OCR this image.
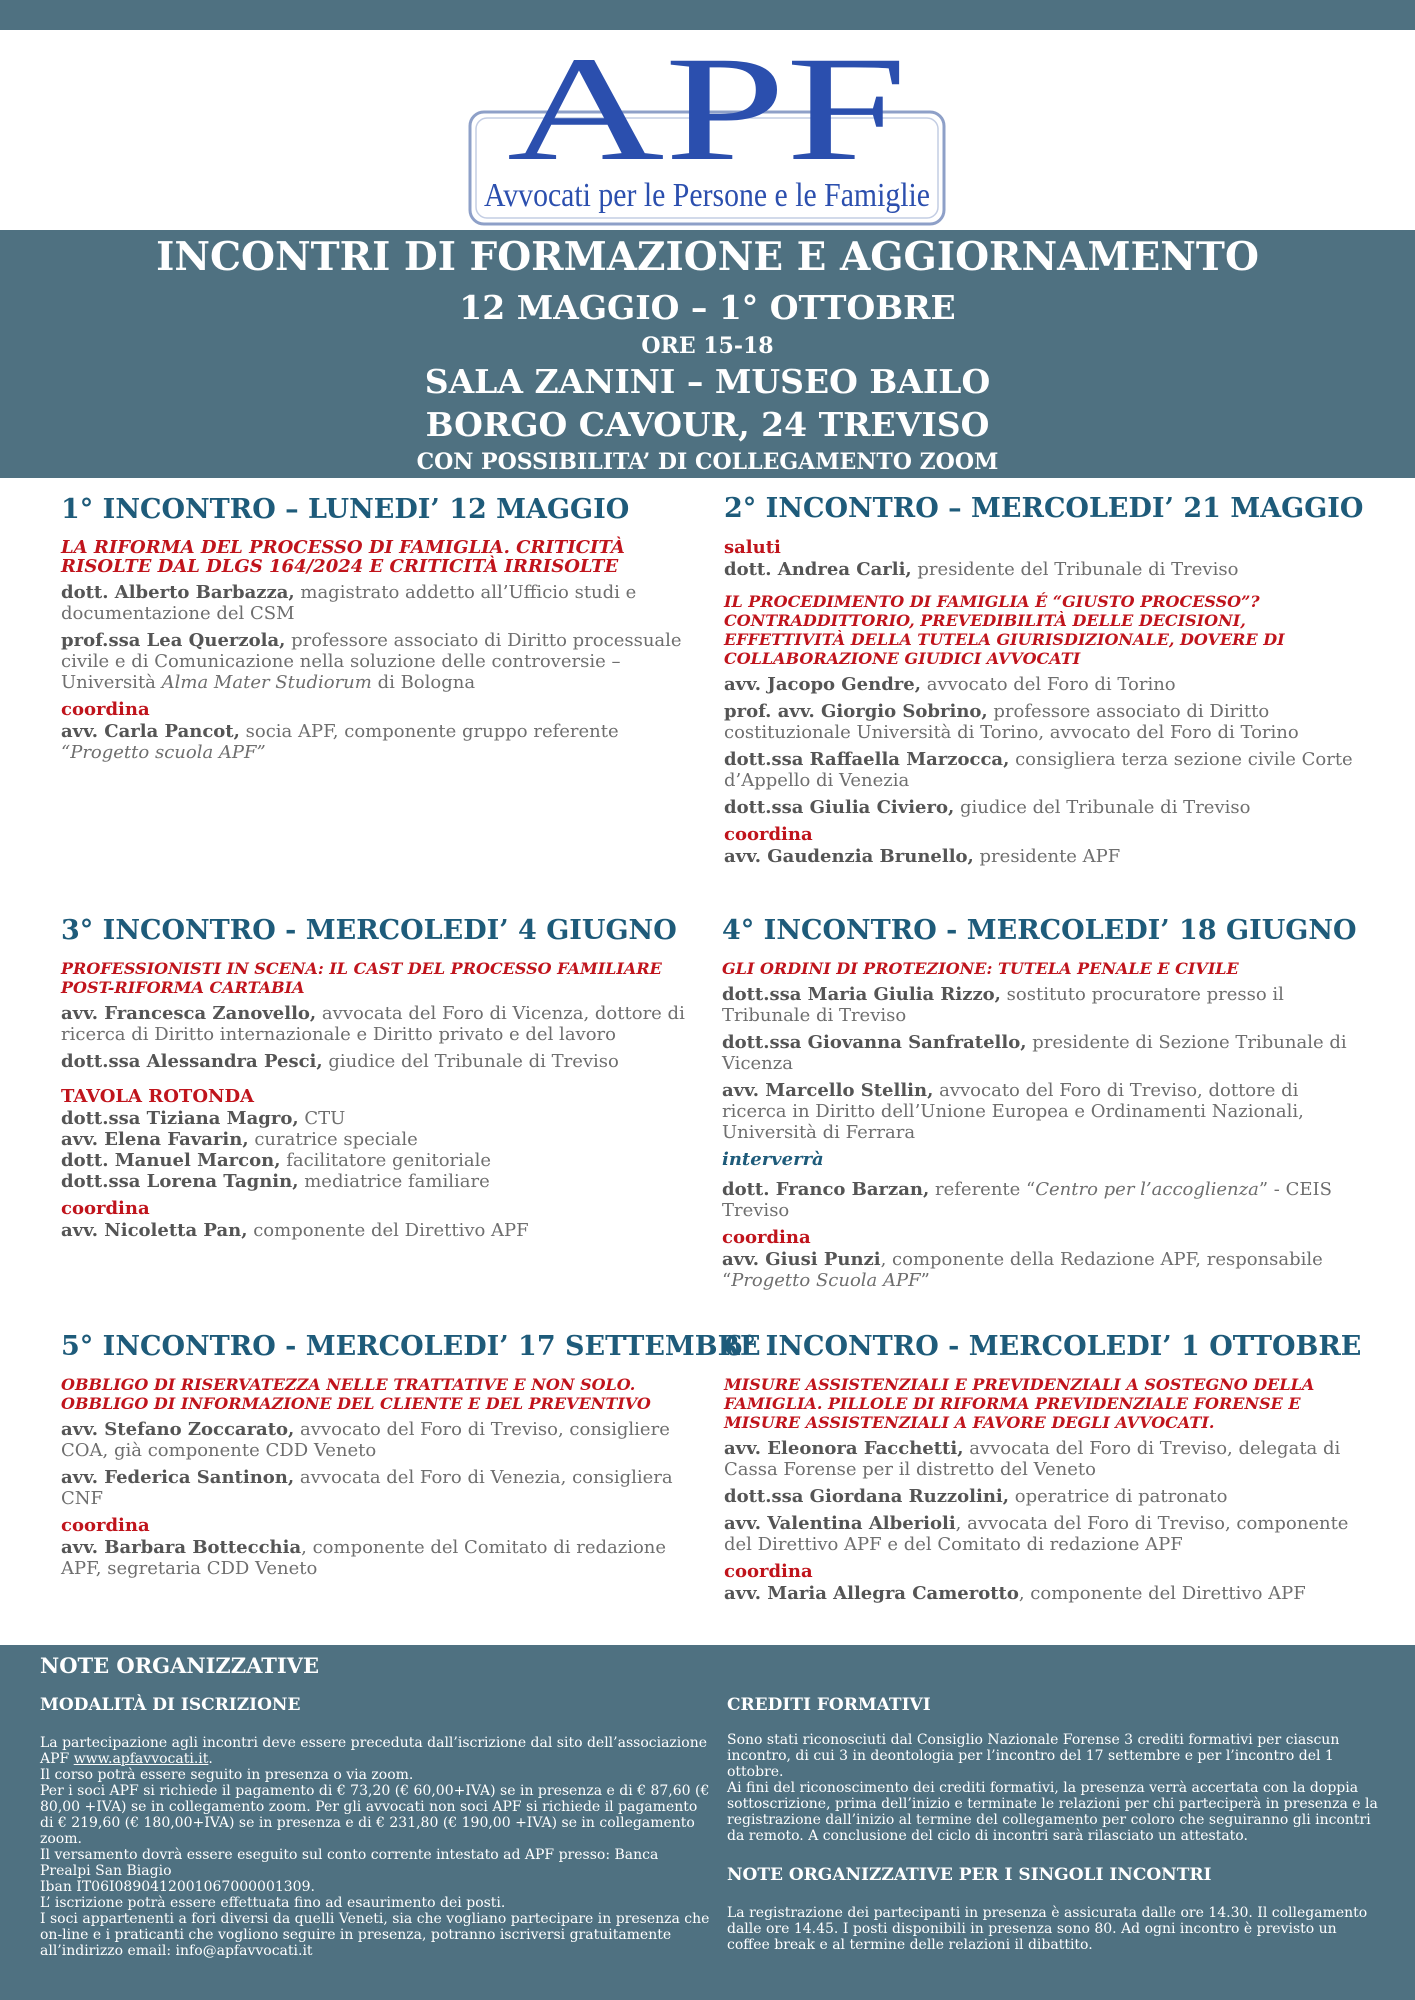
APF
Avvocati per le Persone e le Famiglie
INCONTRI DI FORMAZIONE E AGGIORNAMENTO
12 MAGGIO – 1° OTTOBRE
ORE 15-18
SALA ZANINI – MUSEO BAILO
BORGO CAVOUR, 24 TREVISO
CON POSSIBILITA’ DI COLLEGAMENTO ZOOM
1° INCONTRO – LUNEDI’ 12 MAGGIO
LA RIFORMA DEL PROCESSO DI FAMIGLIA. CRITICITÀ RISOLTE DAL DLGS 164/2024 E CRITICITÀ IRRISOLTE
dott. Alberto Barbazza, magistrato addetto all’Ufficio studi e documentazione del CSM
prof.ssa Lea Querzola, professore associato di Diritto processuale civile e di Comunicazione nella soluzione delle controversie – Università Alma Mater Studiorum di Bologna
coordina
avv. Carla Pancot, socia APF, componente gruppo referente “Progetto scuola APF”
2° INCONTRO – MERCOLEDI’ 21 MAGGIO
saluti
dott. Andrea Carli, presidente del Tribunale di Treviso
IL PROCEDIMENTO DI FAMIGLIA É “GIUSTO PROCESSO”? CONTRADDITTORIO, PREVEDIBILITÀ DELLE DECISIONI, EFFETTIVITÀ DELLA TUTELA GIURISDIZIONALE, DOVERE DI COLLABORAZIONE GIUDICI AVVOCATI
avv. Jacopo Gendre, avvocato del Foro di Torino
prof. avv. Giorgio Sobrino, professore associato di Diritto costituzionale Università di Torino, avvocato del Foro di Torino
dott.ssa Raffaella Marzocca, consigliera terza sezione civile Corte d’Appello di Venezia
dott.ssa Giulia Civiero, giudice del Tribunale di Treviso
coordina
avv. Gaudenzia Brunello, presidente APF
3° INCONTRO - MERCOLEDI’ 4 GIUGNO
PROFESSIONISTI IN SCENA: IL CAST DEL PROCESSO FAMILIARE POST-RIFORMA CARTABIA
avv. Francesca Zanovello, avvocata del Foro di Vicenza, dottore di ricerca di Diritto internazionale e Diritto privato e del lavoro
dott.ssa Alessandra Pesci, giudice del Tribunale di Treviso
TAVOLA ROTONDA
dott.ssa Tiziana Magro, CTU
avv. Elena Favarin, curatrice speciale
dott. Manuel Marcon, facilitatore genitoriale
dott.ssa Lorena Tagnin, mediatrice familiare
coordina
avv. Nicoletta Pan, componente del Direttivo APF
4° INCONTRO - MERCOLEDI’ 18 GIUGNO
GLI ORDINI DI PROTEZIONE: TUTELA PENALE E CIVILE
dott.ssa Maria Giulia Rizzo, sostituto procuratore presso il Tribunale di Treviso
dott.ssa Giovanna Sanfratello, presidente di Sezione Tribunale di Vicenza
avv. Marcello Stellin, avvocato del Foro di Treviso, dottore di ricerca in Diritto dell’Unione Europea e Ordinamenti Nazionali, Università di Ferrara
interverrà
dott. Franco Barzan, referente “Centro per l’accoglienza” - CEIS Treviso
coordina
avv. Giusi Punzi, componente della Redazione APF, responsabile “Progetto Scuola APF”
5° INCONTRO - MERCOLEDI’ 17 SETTEMBRE
OBBLIGO DI RISERVATEZZA NELLE TRATTATIVE E NON SOLO. OBBLIGO DI INFORMAZIONE DEL CLIENTE E DEL PREVENTIVO
avv. Stefano Zoccarato, avvocato del Foro di Treviso, consigliere COA, già componente CDD Veneto
avv. Federica Santinon, avvocata del Foro di Venezia, consigliera CNF
coordina
avv. Barbara Bottecchia, componente del Comitato di redazione APF, segretaria CDD Veneto
6° INCONTRO - MERCOLEDI’ 1 OTTOBRE
MISURE ASSISTENZIALI E PREVIDENZIALI A SOSTEGNO DELLA FAMIGLIA. PILLOLE DI RIFORMA PREVIDENZIALE FORENSE E MISURE ASSISTENZIALI A FAVORE DEGLI AVVOCATI.
avv. Eleonora Facchetti, avvocata del Foro di Treviso, delegata di Cassa Forense per il distretto del Veneto
dott.ssa Giordana Ruzzolini, operatrice di patronato
avv. Valentina Alberioli, avvocata del Foro di Treviso, componente del Direttivo APF e del Comitato di redazione APF
coordina
avv. Maria Allegra Camerotto, componente del Direttivo APF
NOTE ORGANIZZATIVE
MODALITÀ DI ISCRIZIONE
La partecipazione agli incontri deve essere preceduta dall’iscrizione dal sito dell’associazione APF www.apfavvocati.it.
Il corso potrà essere seguito in presenza o via zoom.
Per i soci APF si richiede il pagamento di € 73,20 (€ 60,00+IVA) se in presenza e di € 87,60 (€ 80,00 +IVA) se in collegamento zoom. Per gli avvocati non soci APF si richiede il pagamento di € 219,60 (€ 180,00+IVA) se in presenza e di € 231,80 (€ 190,00 +IVA) se in collegamento zoom.
Il versamento dovrà essere eseguito sul conto corrente intestato ad APF presso: Banca Prealpi San Biagio
Iban IT06I0890412001067000001309.
L’ iscrizione potrà essere effettuata fino ad esaurimento dei posti.
I soci appartenenti a fori diversi da quelli Veneti, sia che vogliano partecipare in presenza che on-line e i praticanti che vogliono seguire in presenza, potranno iscriversi gratuitamente all’indirizzo email: info@apfavvocati.it
CREDITI FORMATIVI
Sono stati riconosciuti dal Consiglio Nazionale Forense 3 crediti formativi per ciascun incontro, di cui 3 in deontologia per l’incontro del 17 settembre e per l’incontro del 1 ottobre.
Ai fini del riconoscimento dei crediti formativi, la presenza verrà accertata con la doppia sottoscrizione, prima dell’inizio e terminate le relazioni per chi parteciperà in presenza e la registrazione dall’inizio al termine del collegamento per coloro che seguiranno gli incontri da remoto. A conclusione del ciclo di incontri sarà rilasciato un attestato.
NOTE ORGANIZZATIVE PER I SINGOLI INCONTRI
La registrazione dei partecipanti in presenza è assicurata dalle ore 14.30. Il collegamento dalle ore 14.45. I posti disponibili in presenza sono 80. Ad ogni incontro è previsto un coffee break e al termine delle relazioni il dibattito.
